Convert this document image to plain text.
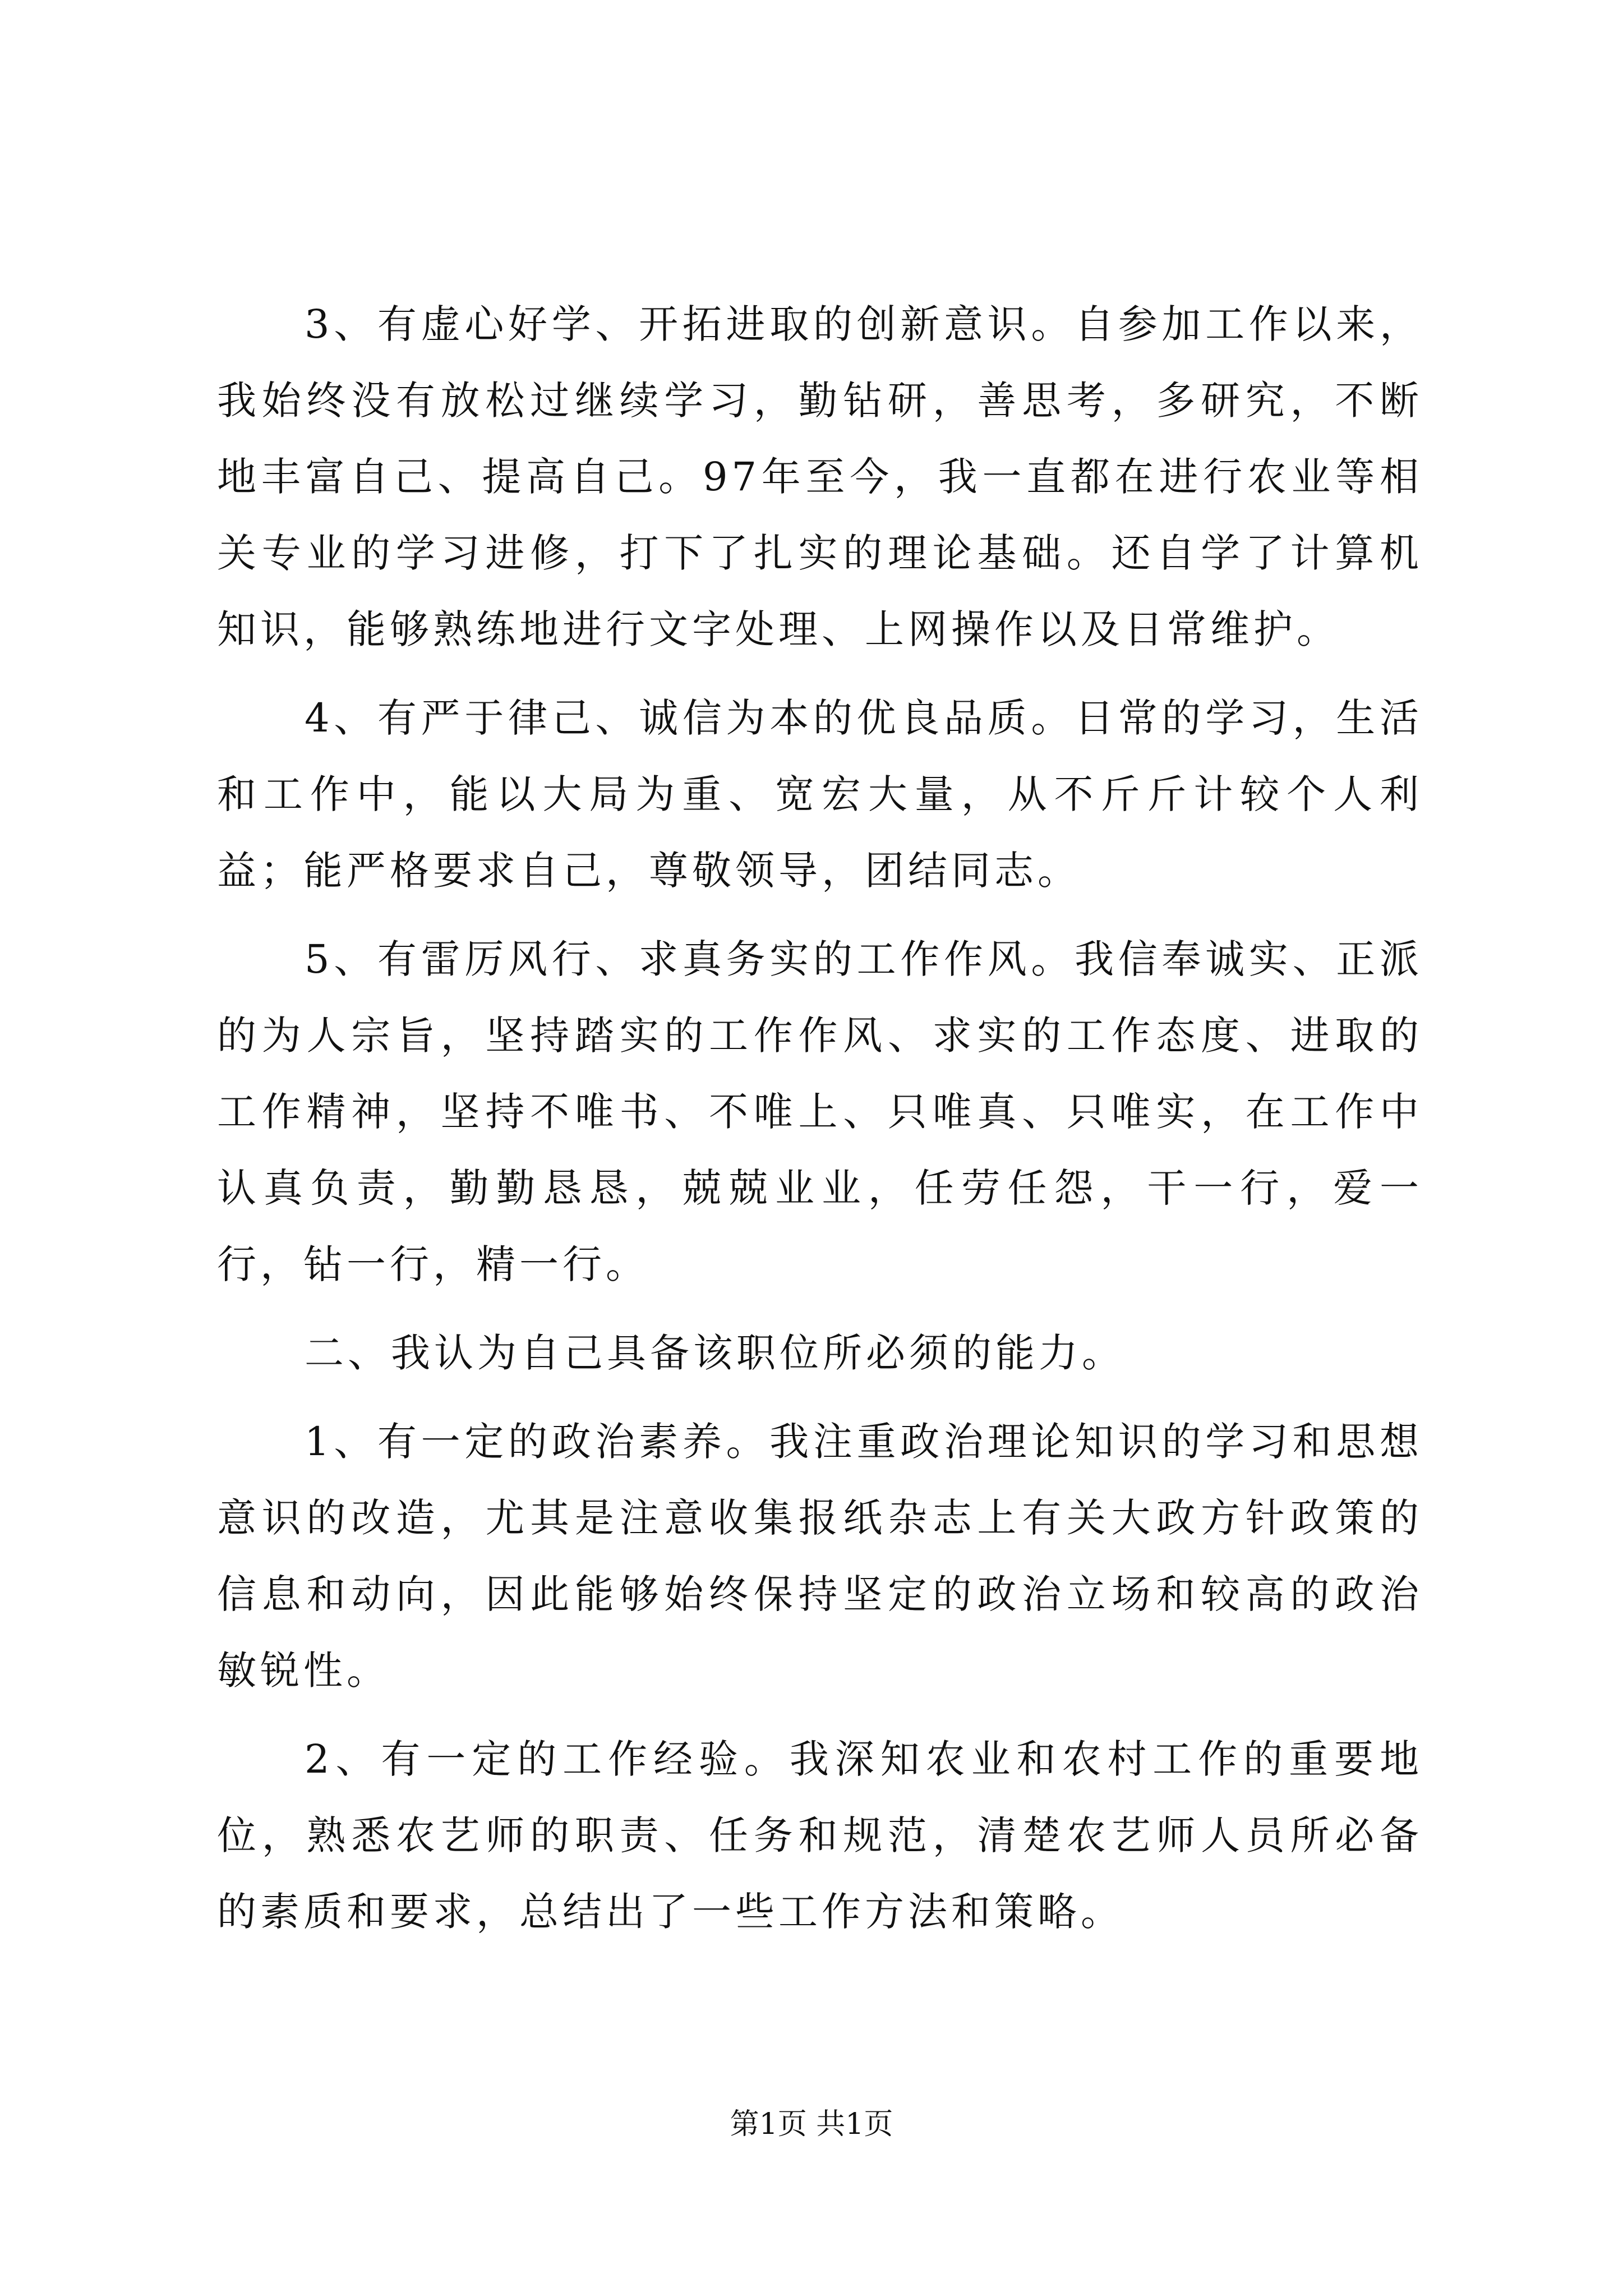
3、有虚心好学、开拓进取的创新意识。自参加工作以来，我始终没有放松过继续学习，勤钻研，善思考，多研究，不断地丰富自己、提高自己。97年至今，我一直都在进行农业等相关专业的学习进修，打下了扎实的理论基础。还自学了计算机知识，能够熟练地进行文字处理、上网操作以及日常维护。

4、有严于律己、诚信为本的优良品质。日常的学习，生活和工作中，能以大局为重、宽宏大量，从不斤斤计较个人利益；能严格要求自己，尊敬领导，团结同志。

5、有雷厉风行、求真务实的工作作风。我信奉诚实、正派的为人宗旨，坚持踏实的工作作风、求实的工作态度、进取的工作精神，坚持不唯书、不唯上、只唯真、只唯实，在工作中认真负责，勤勤恳恳，兢兢业业，任劳任怨，干一行，爱一行，钻一行，精一行。

二、我认为自己具备该职位所必须的能力。

1、有一定的政治素养。我注重政治理论知识的学习和思想意识的改造，尤其是注意收集报纸杂志上有关大政方针政策的信息和动向，因此能够始终保持坚定的政治立场和较高的政治敏锐性。

2、有一定的工作经验。我深知农业和农村工作的重要地位，熟悉农艺师的职责、任务和规范，清楚农艺师人员所必备的素质和要求，总结出了一些工作方法和策略。

第1页 共1页
